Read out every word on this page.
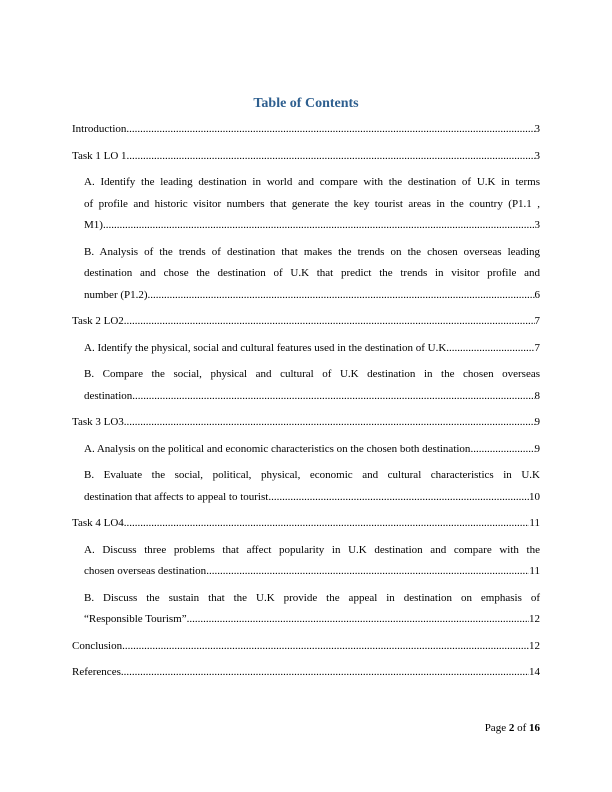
Table of Contents
Introduction .....	3
Task 1 LO 1 .....	3
A. Identify the leading destination in world and compare with the destination of U.K in terms
of profile and historic visitor numbers that generate the key tourist areas in the country (P1.1 ,
M1) .....	3
B. Analysis of the trends of destination that makes the trends on the chosen overseas leading
destination and chose the destination of U.K that predict the trends in visitor profile and
number (P1.2) .....	6
Task 2 LO2 .....	7
A. Identify the physical, social and cultural features used in the destination of U.K .....	7
B. Compare the social, physical and cultural of U.K destination in the chosen overseas
destination .....	8
Task 3 LO3 .....	9
A. Analysis on the political and economic characteristics on the chosen both destination .....	9
B. Evaluate the social, political, physical, economic and cultural characteristics in U.K
destination that affects to appeal to tourist .....	10
Task 4 LO4 .....	11
A. Discuss three problems that affect popularity in U.K destination and compare with the
chosen overseas destination .....	11
B. Discuss the sustain that the U.K provide the appeal in destination on emphasis of
“Responsible Tourism” .....	12
Conclusion .....	12
References .....	14
Page 2 of 16
